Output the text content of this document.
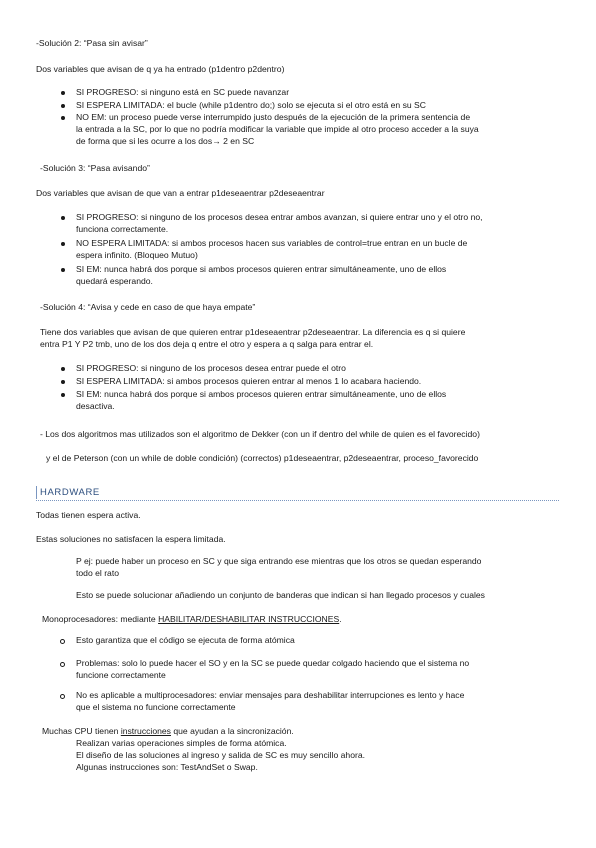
-Solución 2: “Pasa sin avisar”
Dos variables que avisan de q ya ha entrado (p1dentro p2dentro)
SI PROGRESO: si ninguno está en SC puede navanzar
SI ESPERA LIMITADA: el bucle (while p1dentro do;) solo se ejecuta si el otro está en su SC
NO EM: un proceso puede verse interrumpido justo después de la ejecución de la primera sentencia de
la entrada a la SC, por lo que no podría modificar la variable que impide al otro proceso acceder a la suya
de forma que si les ocurre a los dos→ 2 en SC
-Solución 3: “Pasa avisando”
Dos variables que avisan de que van a entrar p1deseaentrar p2deseaentrar
SI PROGRESO: si ninguno de los procesos desea entrar ambos avanzan, si quiere entrar uno y el otro no,
funciona correctamente.
NO ESPERA LIMITADA: si ambos procesos hacen sus variables de control=true entran en un bucle de
espera infinito. (Bloqueo Mutuo)
SI EM: nunca habrá dos porque si ambos procesos quieren entrar simultáneamente, uno de ellos
quedará esperando.
-Solución 4: “Avisa y cede en caso de que haya empate”
Tiene dos variables que avisan de que quieren entrar p1deseaentrar p2deseaentrar. La diferencia es q si quiere
entra P1 Y P2 tmb, uno de los dos deja q entre el otro y espera a q salga para entrar el.
SI PROGRESO: si ninguno de los procesos desea entrar puede el otro
SI ESPERA LIMITADA: si ambos procesos quieren entrar al menos 1 lo acabara haciendo.
SI EM: nunca habrá dos porque si ambos procesos quieren entrar simultáneamente, uno de ellos
desactiva.
- Los dos algoritmos mas utilizados son el algoritmo de Dekker (con un if dentro del while de quien es el favorecido)
y el de Peterson (con un while de doble condición) (correctos) p1deseaentrar, p2deseaentrar, proceso_favorecido
HARDWARE
Todas tienen espera activa.
Estas soluciones no satisfacen la espera limitada.
P ej: puede haber un proceso en SC y que siga entrando ese mientras que los otros se quedan esperando
todo el rato
Esto se puede solucionar añadiendo un conjunto de banderas que indican si han llegado procesos y cuales
Monoprocesadores: mediante HABILITAR/DESHABILITAR INSTRUCCIONES.
Esto garantiza que el código se ejecuta de forma atómica
Problemas: solo lo puede hacer el SO y en la SC se puede quedar colgado haciendo que el sistema no
funcione correctamente
No es aplicable a multiprocesadores: enviar mensajes para deshabilitar interrupciones es lento y hace
que el sistema no funcione correctamente
Muchas CPU tienen instrucciones que ayudan a la sincronización.
Realizan varias operaciones simples de forma atómica.
El diseño de las soluciones al ingreso y salida de SC es muy sencillo ahora.
Algunas instrucciones son: TestAndSet o Swap.
